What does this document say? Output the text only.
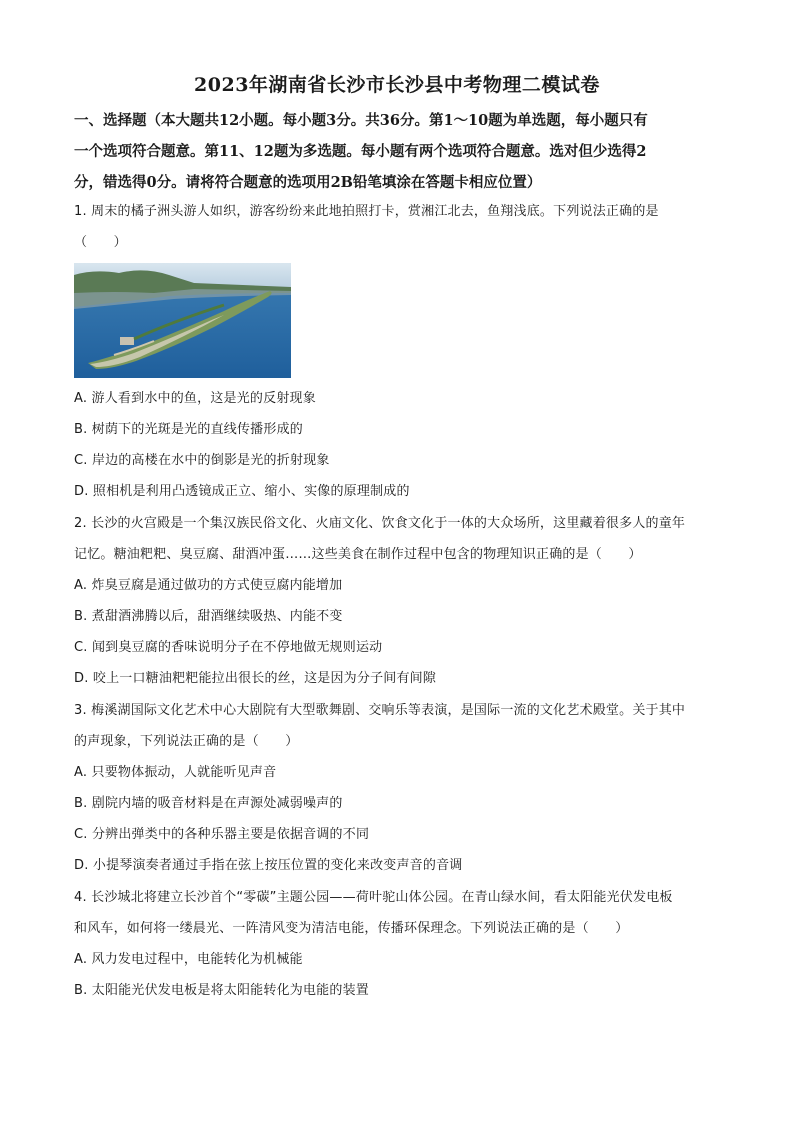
2023年湖南省长沙市长沙县中考物理二模试卷
一、选择题（本大题共12小题。每小题3分。共36分。第1～10题为单选题，每小题只有
一个选项符合题意。第11、12题为多选题。每小题有两个选项符合题意。选对但少选得2
分，错选得0分。请将符合题意的选项用2B铅笔填涂在答题卡相应位置）
1. 周末的橘子洲头游人如织，游客纷纷来此地拍照打卡，赏湘江北去，鱼翔浅底。下列说法正确的是
（　　）
A. 游人看到水中的鱼，这是光的反射现象
B. 树荫下的光斑是光的直线传播形成的
C. 岸边的高楼在水中的倒影是光的折射现象
D. 照相机是利用凸透镜成正立、缩小、实像的原理制成的
2. 长沙的火宫殿是一个集汉族民俗文化、火庙文化、饮食文化于一体的大众场所，这里藏着很多人的童年
记忆。糖油粑粑、臭豆腐、甜酒冲蛋……这些美食在制作过程中包含的物理知识正确的是（　　）
A. 炸臭豆腐是通过做功的方式使豆腐内能增加
B. 煮甜酒沸腾以后，甜酒继续吸热、内能不变
C. 闻到臭豆腐的香味说明分子在不停地做无规则运动
D. 咬上一口糖油粑粑能拉出很长的丝，这是因为分子间有间隙
3. 梅溪湖国际文化艺术中心大剧院有大型歌舞剧、交响乐等表演，是国际一流的文化艺术殿堂。关于其中
的声现象，下列说法正确的是（　　）
A. 只要物体振动，人就能听见声音
B. 剧院内墙的吸音材料是在声源处减弱噪声的
C. 分辨出弹类中的各种乐器主要是依据音调的不同
D. 小提琴演奏者通过手指在弦上按压位置的变化来改变声音的音调
4. 长沙城北将建立长沙首个“零碳”主题公园——荷叶驼山体公园。在青山绿水间，看太阳能光伏发电板
和风车，如何将一缕晨光、一阵清风变为清洁电能，传播环保理念。下列说法正确的是（　　）
A. 风力发电过程中，电能转化为机械能
B. 太阳能光伏发电板是将太阳能转化为电能的装置
